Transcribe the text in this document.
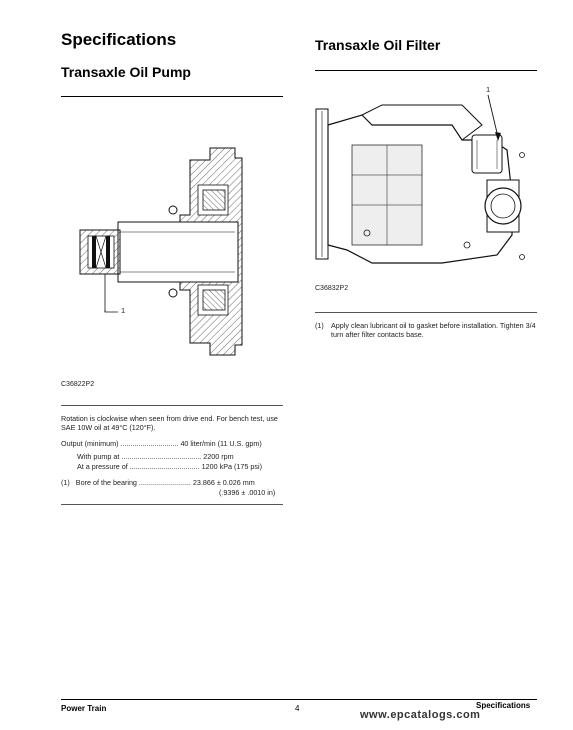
Specifications
Transaxle Oil Pump
Transaxle Oil Filter
1
C36822P2
Rotation is clockwise when seen from drive end. For bench test, use SAE 10W oil at 49°C (120°F).
Output (minimum) ............................. 40 liter/min (11 U.S. gpm)
With pump at ........................................ 2200 rpm
At a pressure of ................................... 1200 kPa (175 psi)
(1) Bore of the bearing .......................... 23.866 ± 0.026 mm
(.9396 ± .0010 in)
1
C36832P2
(1) Apply clean lubricant oil to gasket before installation. Tighten 3/4 turn after filter contacts base.
Power Train	4	Specifications
www.epcatalogs.com
